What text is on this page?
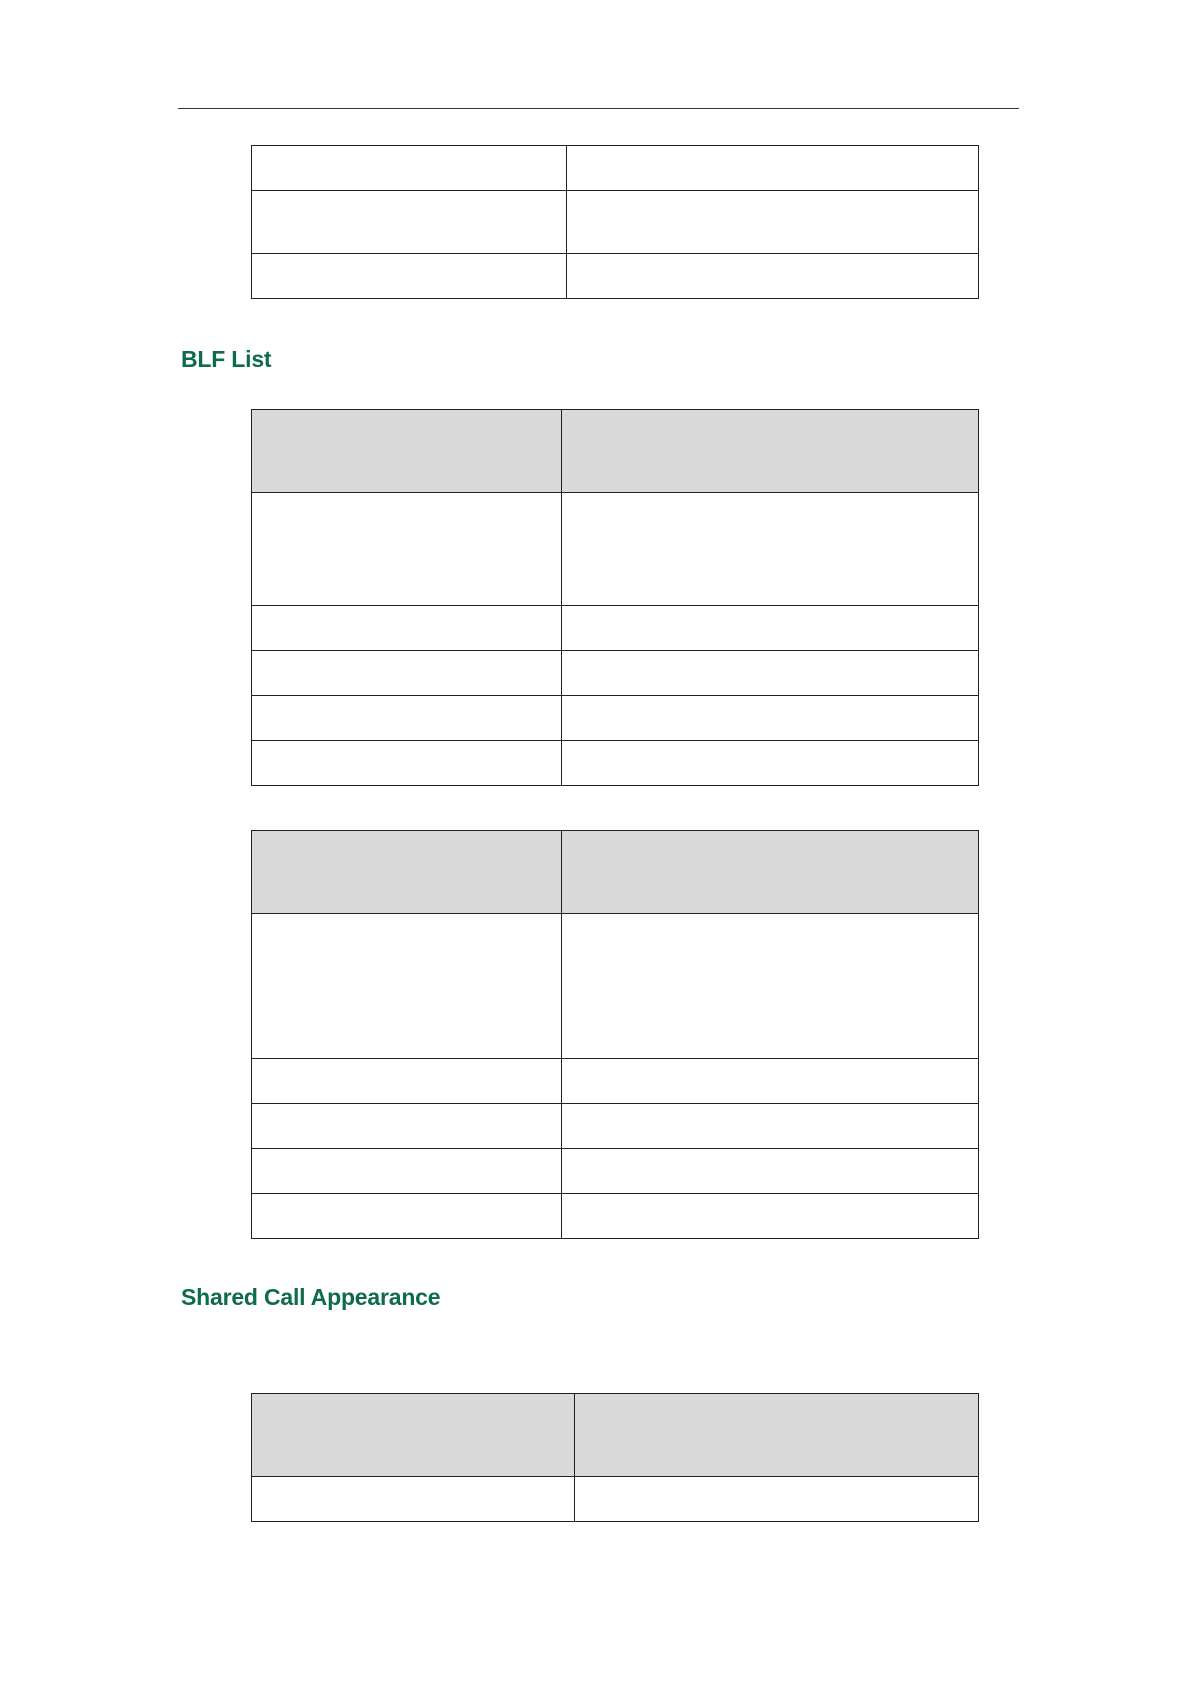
BLF List

Shared Call Appearance
